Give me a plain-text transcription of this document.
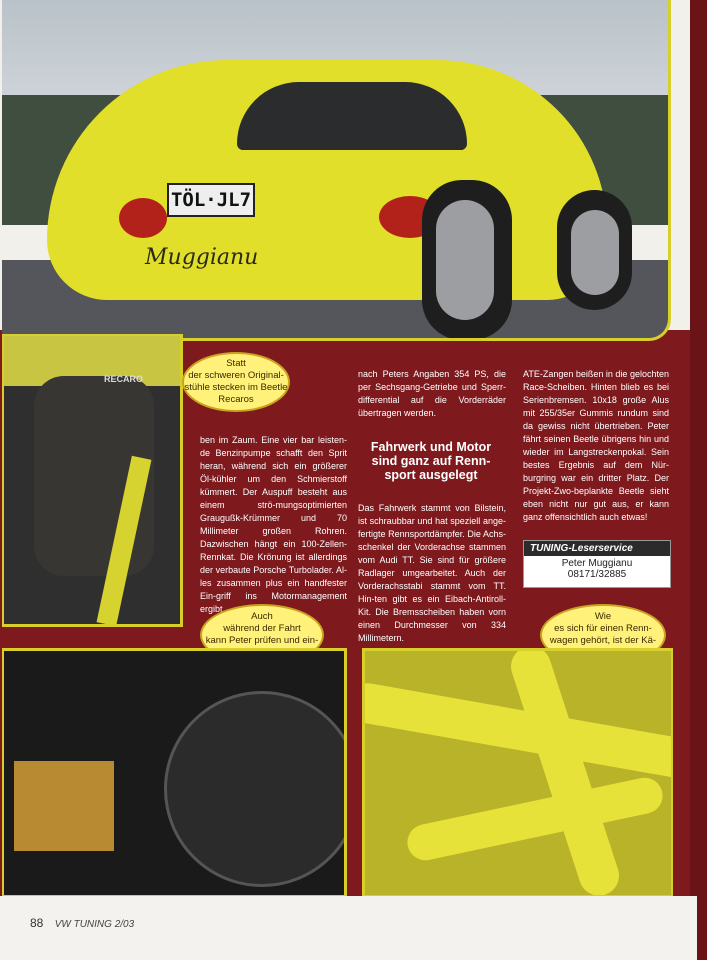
TÖL·JL7
Muggianu
RECARO
Statt
der schweren Original-
stühle stecken im Beetle
Recaros

ben im Zaum. Eine vier bar leisten-de Benzinpumpe schafft den Sprit heran, während sich ein größerer Öl-kühler um den Schmierstoff kümmert. Der Auspuff besteht aus einem strö-mungsoptimierten Graugußk-Krümmer und 70 Millimeter großen Rohren. Dazwischen hängt ein 100-Zellen-Rennkat. Die Krönung ist allerdings der verbaute Porsche Turbolader. Al-les zusammen plus ein handfester Ein-griff ins Motormanagement ergibt

nach Peters Angaben 354 PS, die per Sechsgang-Getriebe und Sperr-differential auf die Vorderräder übertragen werden.

Fahrwerk und Motor sind ganz auf Renn-sport ausgelegt

Das Fahrwerk stammt von Bilstein, ist schraubbar und hat speziell ange-fertigte Rennsportdämpfer. Die Achs-schenkel der Vorderachse stammen vom Audi TT. Sie sind für größere Radlager umgearbeitet. Auch der Vorderachsstabi stammt vom TT. Hin-ten gibt es ein Eibach-Antiroll-Kit. Die Bremsscheiben haben vorn einen Durchmesser von 334 Millimetern.

ATE-Zangen beißen in die gelochten Race-Scheiben. Hinten blieb es bei Serienbremsen. 10x18 große Alus mit 255/35er Gummis rundum sind da gewiss nicht übertrieben. Peter fährt seinen Beetle übrigens hin und wieder im Langstreckenpokal. Sein bestes Ergebnis auf dem Nür-burgring war ein dritter Platz. Der Projekt-Zwo-beplankte Beetle sieht eben nicht nur gut aus, er kann ganz offensichtlich auch etwas!

TUNING-Leserservice
Peter Muggianu
08171/32885
Auch
während der Fahrt
kann Peter prüfen und ein-

Wie
es sich für einen Renn-
wagen gehört, ist der Kä-

88 VW TUNING 2/03
